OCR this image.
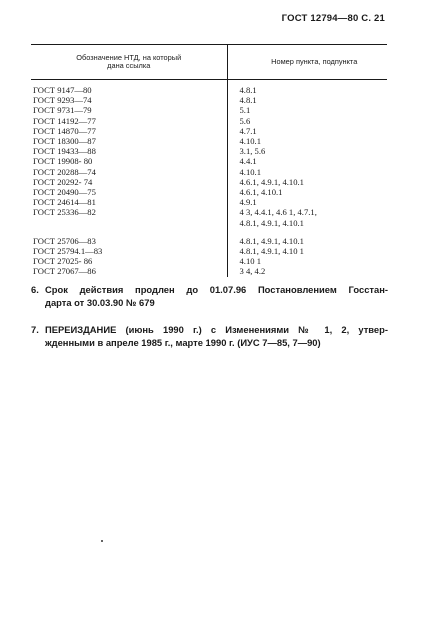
ГОСТ 12794—80 С. 21
Обозначение НТД, на который
дана ссылка	Номер пункта, подпункта
ГОСТ 9147—80	4.8.1

ГОСТ 9293—74	4.8.1

ГОСТ 9731—79	5.1

ГОСТ 14192—77	5.6

ГОСТ 14870—77	4.7.1

ГОСТ 18300—87	4.10.1

ГОСТ 19433—88	3.1, 5.6

ГОСТ 19908- 80	4.4.1

ГОСТ 20288—74	4.10.1

ГОСТ 20292- 74	4.6.1, 4.9.1, 4.10.1

ГОСТ 20490—75	4.6.1, 4.10.1

ГОСТ 24614—81	4.9.1

ГОСТ 25336—82	4 3, 4.4.1, 4.6 1, 4.7.1,
4.8.1, 4.9.1, 4.10.1

ГОСТ 25706—83	4.8.1, 4.9.1, 4.10.1

ГОСТ 25794.1—83	4.8.1, 4.9.1, 4.10 1

ГОСТ 27025- 86	4.10 1

ГОСТ 27067—86	3 4, 4.2
6. Срок действия продлен до 01.07.96 Постановлением Госстан-
дарта от 30.03.90 № 679
7. ПЕРЕИЗДАНИЕ (июнь 1990 г.) с Изменениями № 1, 2, утвер-
жденными в апреле 1985 г., марте 1990 г. (ИУС 7—85, 7—90)
